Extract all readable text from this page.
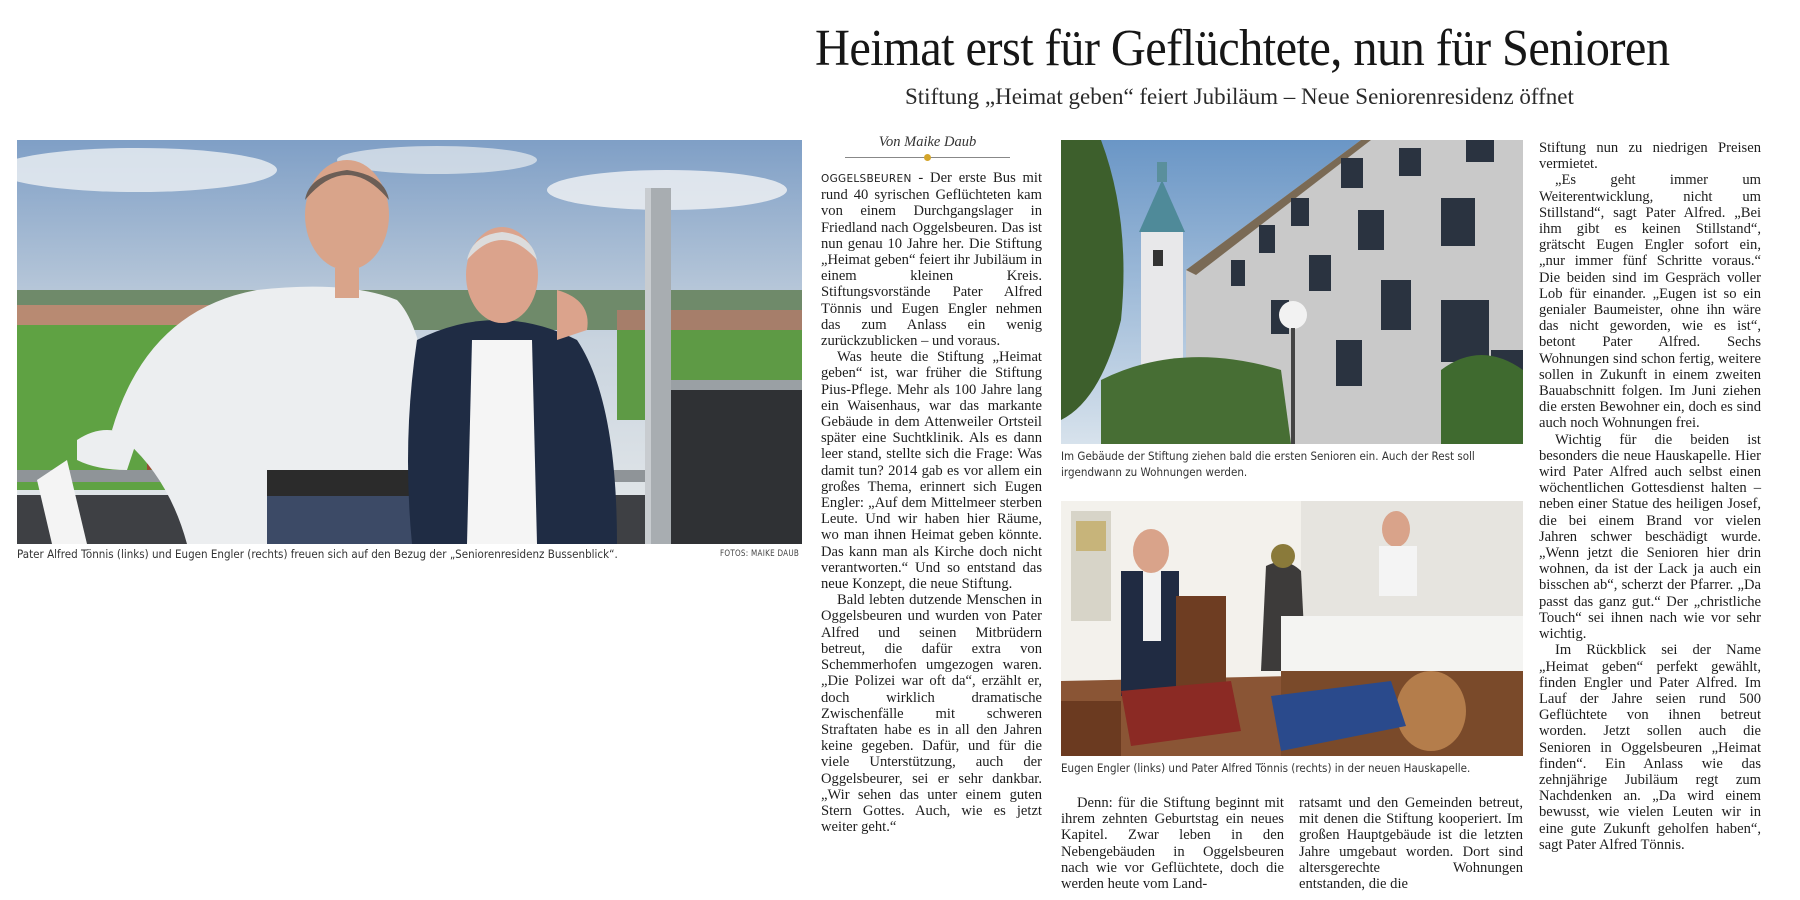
Heimat erst für Geflüchtete, nun für Senioren
Stiftung „Heimat geben“ feiert Jubiläum – Neue Seniorenresidenz öffnet
Pater Alfred Tönnis (links) und Eugen Engler (rechts) freuen sich auf den Bezug der „Seniorenresidenz Bussenblick“.	FOTOS: MAIKE DAUB
Von Maike Daub

OGGELSBEUREN - Der erste Bus mit rund 40 syrischen Geflüchteten kam von einem Durchgangslager in Friedland nach Oggelsbeuren. Das ist nun genau 10 Jahre her. Die Stiftung „Heimat geben“ feiert ihr Jubiläum in einem kleinen Kreis. Stiftungsvorstände Pater Alfred Tönnis und Eugen Engler nehmen das zum Anlass ein wenig zurückzublicken – und voraus.

Was heute die Stiftung „Heimat geben“ ist, war früher die Stiftung Pius-Pflege. Mehr als 100 Jahre lang ein Waisenhaus, war das markante Gebäude in dem Attenweiler Ortsteil später eine Suchtklinik. Als es dann leer stand, stellte sich die Frage: Was damit tun? 2014 gab es vor allem ein großes Thema, erinnert sich Eugen Engler: „Auf dem Mittelmeer sterben Leute. Und wir haben hier Räume, wo man ihnen Heimat geben könnte. Das kann man als Kirche doch nicht verantworten.“ Und so entstand das neue Konzept, die neue Stiftung.

Bald lebten dutzende Menschen in Oggelsbeuren und wurden von Pater Alfred und seinen Mitbrüdern betreut, die dafür extra von Schemmerhofen umgezogen waren. „Die Polizei war oft da“, erzählt er, doch wirklich dramatische Zwischenfälle mit schweren Straftaten habe es in all den Jahren keine gegeben. Dafür, und für die viele Unterstützung, auch der Oggelsbeurer, sei er sehr dankbar. „Wir sehen das unter einem guten Stern Gottes. Auch, wie es jetzt weiter geht.“

Im Gebäude der Stiftung ziehen bald die ersten Senioren ein. Auch der Rest soll
irgendwann zu Wohnungen werden.
Eugen Engler (links) und Pater Alfred Tönnis (rechts) in der neuen Hauskapelle.

Denn: für die Stiftung beginnt mit ihrem zehnten Geburtstag ein neues Kapitel. Zwar leben in den Nebengebäuden in Oggelsbeuren nach wie vor Geflüchtete, doch die werden heute vom Land-

ratsamt und den Gemeinden betreut, mit denen die Stiftung kooperiert. Im großen Hauptgebäude ist die letzten Jahre umgebaut worden. Dort sind altersgerechte Wohnungen entstanden, die die

Stiftung nun zu niedrigen Preisen vermietet.

„Es geht immer um Weiterentwicklung, nicht um Stillstand“, sagt Pater Alfred. „Bei ihm gibt es keinen Stillstand“, grätscht Eugen Engler sofort ein, „nur immer fünf Schritte voraus.“ Die beiden sind im Gespräch voller Lob für einander. „Eugen ist so ein genialer Baumeister, ohne ihn wäre das nicht geworden, wie es ist“, betont Pater Alfred. Sechs Wohnungen sind schon fertig, weitere sollen in Zukunft in einem zweiten Bauabschnitt folgen. Im Juni ziehen die ersten Bewohner ein, doch es sind auch noch Wohnungen frei.

Wichtig für die beiden ist besonders die neue Hauskapelle. Hier wird Pater Alfred auch selbst einen wöchentlichen Gottesdienst halten – neben einer Statue des heiligen Josef, die bei einem Brand vor vielen Jahren schwer beschädigt wurde. „Wenn jetzt die Senioren hier drin wohnen, da ist der Lack ja auch ein bisschen ab“, scherzt der Pfarrer. „Da passt das ganz gut.“ Der „christliche Touch“ sei ihnen nach wie vor sehr wichtig.

Im Rückblick sei der Name „Heimat geben“ perfekt gewählt, finden Engler und Pater Alfred. Im Lauf der Jahre seien rund 500 Geflüchtete von ihnen betreut worden. Jetzt sollen auch die Senioren in Oggelsbeuren „Heimat finden“. Ein Anlass wie das zehnjährige Jubiläum regt zum Nachdenken an. „Da wird einem bewusst, wie vielen Leuten wir in eine gute Zukunft geholfen haben“, sagt Pater Alfred Tönnis.
